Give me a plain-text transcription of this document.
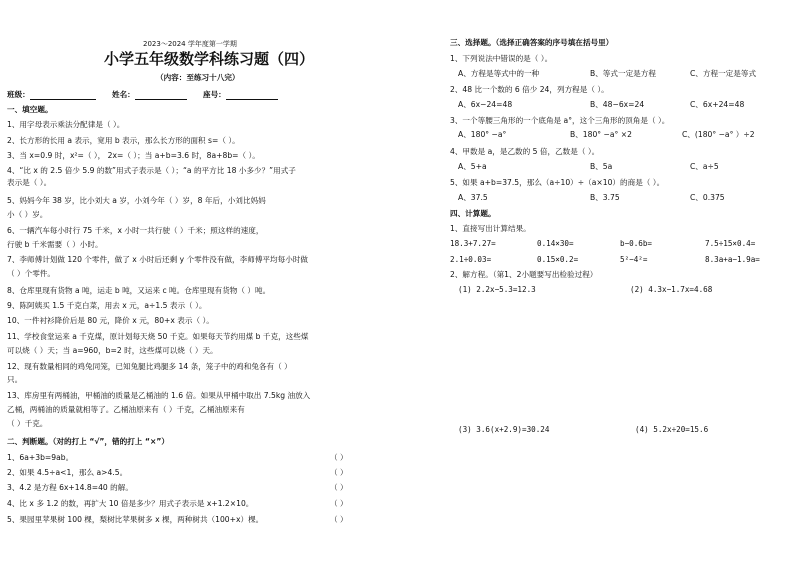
2023～2024 学年度第一学期
小学五年级数学科练习题（四）
（内容：至练习十八完）
班级：	姓名：	座号：
一、填空题。
1、用字母表示乘法分配律是（ ）。
2、长方形的长用 a 表示，宽用 b 表示，那么长方形的面积 s=（ ）。
3、当 x=0.9 时，x²=（ ）， 2x=（ ）；当 a+b=3.6 时，8a+8b=（ ）。
4、“比 x 的 2.5 倍少 5.9 的数”用式子表示是（ ）；“a 的平方比 18 小多少？”用式子
表示是（ ）。
5、妈妈今年 38 岁，比小刘大 a 岁，小刘今年（ ）岁，8 年后，小刘比妈妈
小（ ）岁。
6、一辆汽车每小时行 75 千米，x 小时一共行驶（ ）千米；照这样的速度，
行驶 b 千米需要（ ）小时。
7、李师傅计划做 120 个零件，做了 x 小时后还剩 y 个零件没有做，李师傅平均每小时做
（ ）个零件。
8、仓库里现有货物 a 吨，运走 b 吨，又运来 c 吨。仓库里现有货物（ ）吨。
9、陈阿姨买 1.5 千克白菜，用去 x 元，a÷1.5 表示（ ）。
10、一件衬衫降价后是 80 元，降价 x 元，80+x 表示（ ）。
11、学校食堂运来 a 千克煤，原计划每天烧 50 千克。如果每天节约用煤 b 千克，这些煤
可以烧（ ）天；当 a=960，b=2 时，这些煤可以烧（ ）天。
12、现有数量相同的鸡兔同笼，已知兔腿比鸡腿多 14 条，笼子中的鸡和兔各有（ ）
只。
13、库房里有两桶油，甲桶油的质量是乙桶油的 1.6 倍。如果从甲桶中取出 7.5kg 油放入
乙桶，两桶油的质量就相等了。乙桶油原来有（ ）千克，乙桶油原来有
（ ）千克。
二、判断题。（对的打上 “√”，错的打上 “×”）
1、6a+3b=9ab。	（ ）
2、如果 4.5÷a<1，那么 a>4.5。	（ ）
3、4.2 是方程 6x+14.8=40 的解。	（ ）
4、比 x 多 1.2 的数，再扩大 10 倍是多少？用式子表示是 x+1.2×10。	（ ）
5、果园里苹果树 100 棵，梨树比苹果树多 x 棵，两种树共（100+x）棵。	（ ）
三、选择题。（选择正确答案的序号填在括号里）
1、下列说法中错误的是（ ）。
A、方程是等式中的一种	B、等式一定是方程	C、方程一定是等式
2、48 比一个数的 6 倍少 24，列方程是（ ）。
A、6x−24=48	B、48−6x=24	C、6x+24=48
3、一个等腰三角形的一个底角是 a°，这个三角形的顶角是（ ）。
A、180° −a°	B、180° −a° ×2	C、(180° −a° ）÷2
4、甲数是 a，是乙数的 5 倍，乙数是（ ）。
A、5+a	B、5a	C、a÷5
5、如果 a+b=37.5，那么（a÷10）÷（a×10）的商是（ ）。
A、37.5	B、3.75	C、0.375
四、计算题。
1、直接写出计算结果。
18.3+7.27=	0.14×30=	b−0.6b=	7.5÷15×0.4=
2.1÷0.03=	0.15×0.2=	5²−4²=	8.3a+a−1.9a=
2、解方程。（第1、2小题要写出检验过程）
(1) 2.2x−5.3=12.3	(2) 4.3x−1.7x=4.68
(3) 3.6(x+2.9)=30.24	(4) 5.2x÷20=15.6
